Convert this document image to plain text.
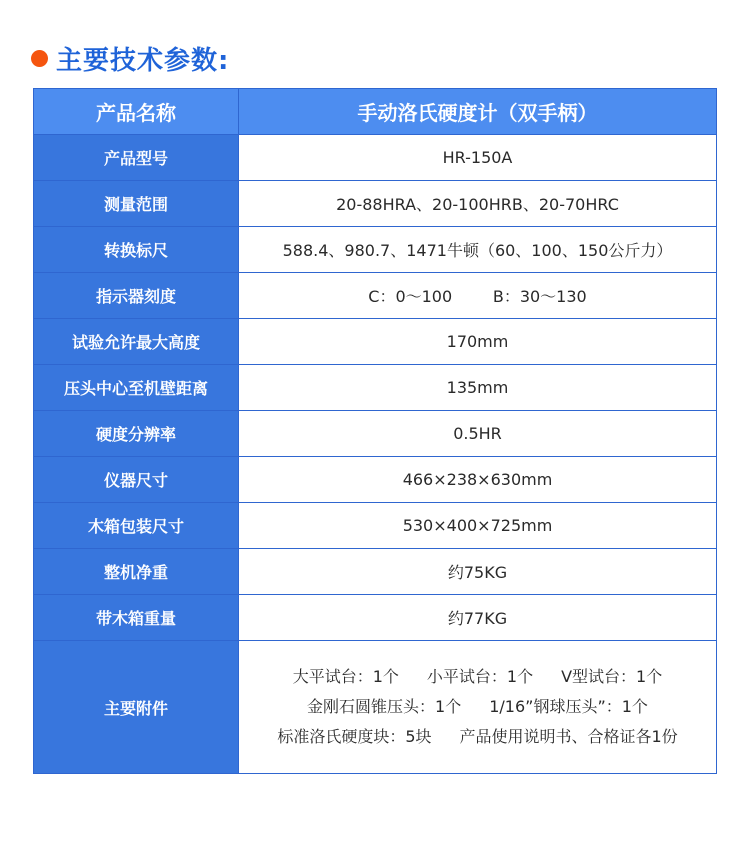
主要技术参数:
产品名称	手动洛氏硬度计（双手柄）
产品型号	HR-150A
测量范围	20-88HRA、20-100HRB、20-70HRC
转换标尺	588.4、980.7、1471牛顿（60、100、150公斤力）
指示器刻度	C：0～100        B：30～130
试验允许最大高度	170mm
压头中心至机壁距离	135mm
硬度分辨率	0.5HR
仪器尺寸	466×238×630mm
木箱包装尺寸	530×400×725mm
整机净重	约75KG
带木箱重量	约77KG
主要附件	大平试台：1个 小平试台：1个 V型试台：1个
金刚石圆锥压头：1个 1/16”钢球压头”：1个
标准洛氏硬度块：5块 产品使用说明书、合格证各1份
